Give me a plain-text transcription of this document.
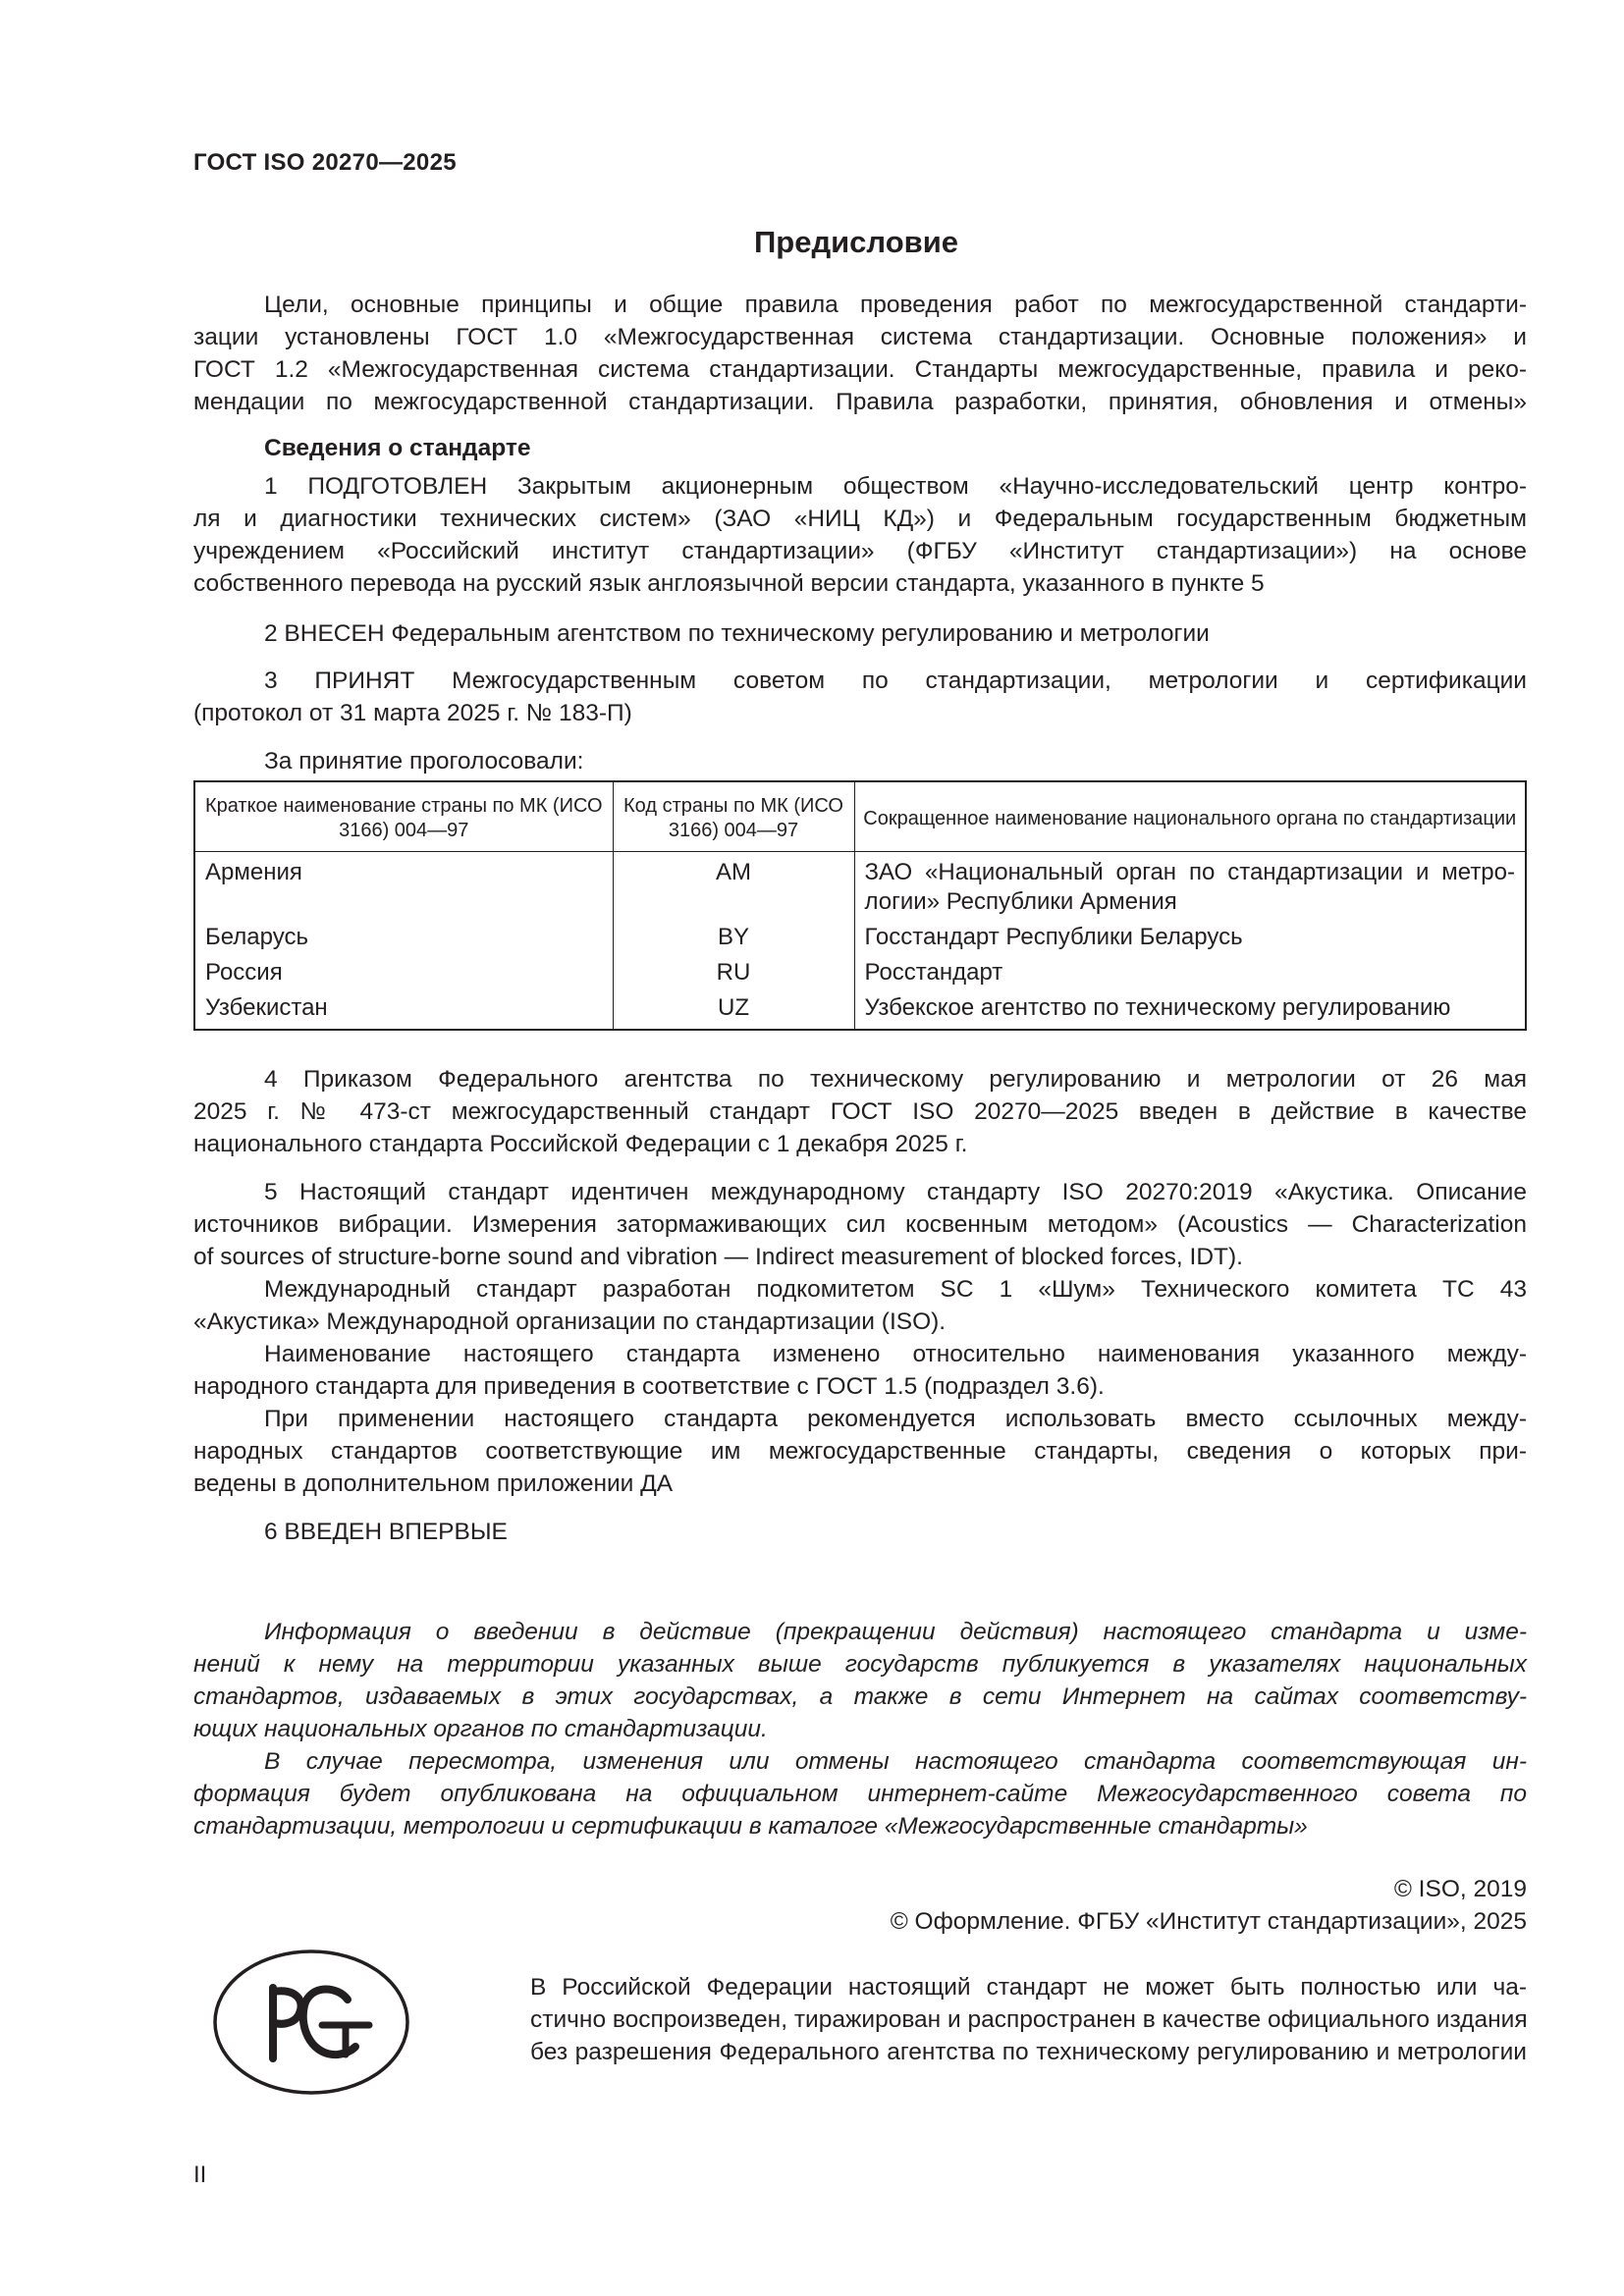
ГОСТ ISO 20270—2025
Предисловие
Цели, основные принципы и общие правила проведения работ по межгосударственной стандарти-
зации установлены ГОСТ 1.0 «Межгосударственная система стандартизации. Основные положения» и
ГОСТ 1.2 «Межгосударственная система стандартизации. Стандарты межгосударственные, правила и реко-
мендации по межгосударственной стандартизации. Правила разработки, принятия, обновления и отмены»
Сведения о стандарте
1 ПОДГОТОВЛЕН Закрытым акционерным обществом «Научно-исследовательский центр контро-
ля и диагностики технических систем» (ЗАО «НИЦ КД») и Федеральным государственным бюджетным
учреждением «Российский институт стандартизации» (ФГБУ «Институт стандартизации») на основе
собственного перевода на русский язык англоязычной версии стандарта, указанного в пункте 5
2 ВНЕСЕН Федеральным агентством по техническому регулированию и метрологии
3 ПРИНЯТ Межгосударственным советом по стандартизации, метрологии и сертификации
(протокол от 31 марта 2025 г. № 183-П)
За принятие проголосовали:
Краткое наименование страны по МК (ИСО 3166) 004—97	Код страны по МК (ИСО 3166) 004—97	Сокращенное наименование национального органа по стандартизации
Армения	AM	ЗАО «Национальный орган по стандартизации и метро-логии» Республики Армения
Беларусь	BY	Госстандарт Республики Беларусь
Россия	RU	Росстандарт
Узбекистан	UZ	Узбекское агентство по техническому регулированию
4 Приказом Федерального агентства по техническому регулированию и метрологии от 26 мая
2025 г. № 473-ст межгосударственный стандарт ГОСТ ISO 20270—2025 введен в действие в качестве
национального стандарта Российской Федерации с 1 декабря 2025 г.
5 Настоящий стандарт идентичен международному стандарту ISO 20270:2019 «Акустика. Описание
источников вибрации. Измерения затормаживающих сил косвенным методом» (Acoustics — Characterization
of sources of structure-borne sound and vibration — Indirect measurement of blocked forces, IDT).
Международный стандарт разработан подкомитетом SC 1 «Шум» Технического комитета TC 43
«Акустика» Международной организации по стандартизации (ISO).
Наименование настоящего стандарта изменено относительно наименования указанного между-
народного стандарта для приведения в соответствие с ГОСТ 1.5 (подраздел 3.6).
При применении настоящего стандарта рекомендуется использовать вместо ссылочных между-
народных стандартов соответствующие им межгосударственные стандарты, сведения о которых при-
ведены в дополнительном приложении ДА
6 ВВЕДЕН ВПЕРВЫЕ
Информация о введении в действие (прекращении действия) настоящего стандарта и изме-
нений к нему на территории указанных выше государств публикуется в указателях национальных
стандартов, издаваемых в этих государствах, а также в сети Интернет на сайтах соответству-
ющих национальных органов по стандартизации.
В случае пересмотра, изменения или отмены настоящего стандарта соответствующая ин-
формация будет опубликована на официальном интернет-сайте Межгосударственного совета по
стандартизации, метрологии и сертификации в каталоге «Межгосударственные стандарты»
© ISO, 2019
© Оформление. ФГБУ «Институт стандартизации», 2025
РСТ
В Российской Федерации настоящий стандарт не может быть полностью или ча-
стично воспроизведен, тиражирован и распространен в качестве официального издания
без разрешения Федерального агентства по техническому регулированию и метрологии
II
